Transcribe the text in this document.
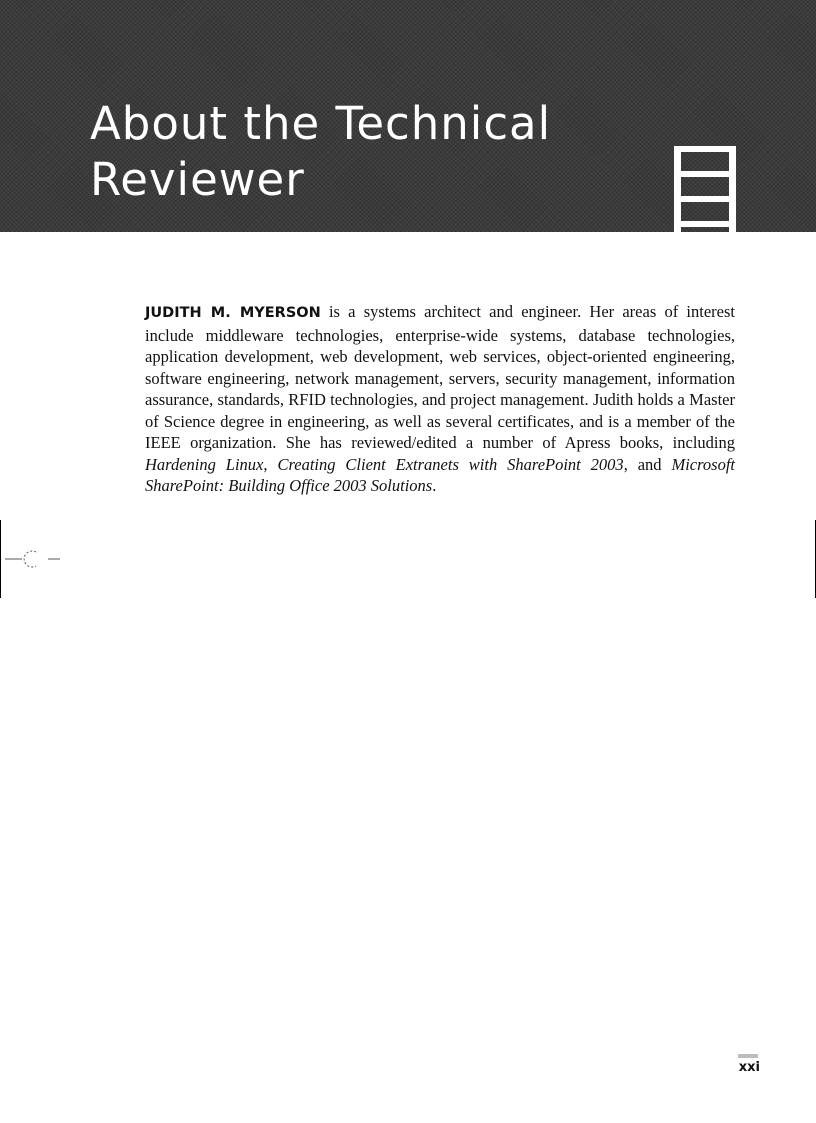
About the Technical Reviewer

JUDITH M. MYERSON is a systems architect and engineer. Her areas of interest include middleware technologies, enterprise-wide systems, database technologies, application development, web development, web services, object-oriented engineering, software engineering, network management, servers, security management, information assurance, standards, RFID technologies, and project management. Judith holds a Master of Science degree in engineering, as well as several certificates, and is a member of the IEEE organization. She has reviewed/edited a number of Apress books, including Hardening Linux, Creating Client Extranets with SharePoint 2003, and Microsoft SharePoint: Building Office 2003 Solutions.

xxi
